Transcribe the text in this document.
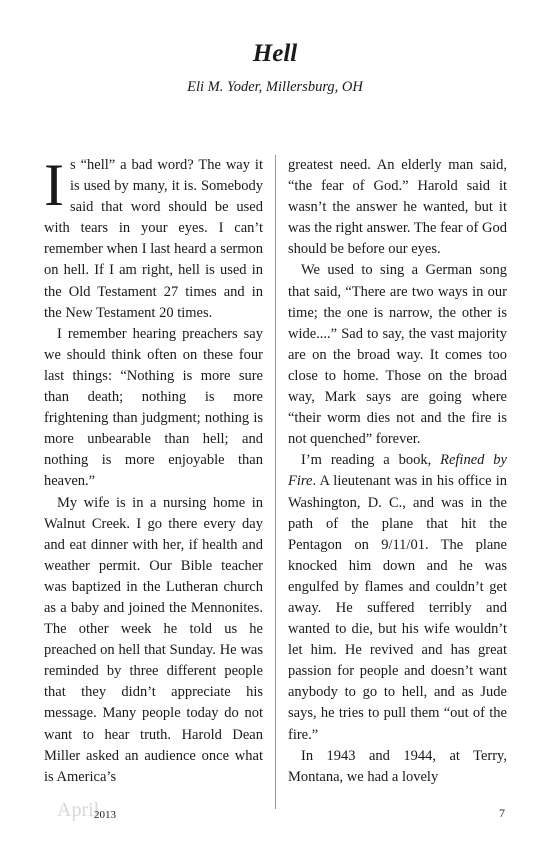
Hell
Eli M. Yoder, Millersburg, OH

Is “hell” a bad word? The way it is used by many, it is. Somebody said that word should be used with tears in your eyes. I can’t remember when I last heard a sermon on hell. If I am right, hell is used in the Old Testament 27 times and in the New Testament 20 times.

I remember hearing preachers say we should think often on these four last things: “Nothing is more sure than death; nothing is more frightening than judgment; nothing is more unbearable than hell; and nothing is more enjoyable than heaven.”

My wife is in a nursing home in Walnut Creek. I go there every day and eat dinner with her, if health and weather permit. Our Bible teacher was baptized in the Lutheran church as a baby and joined the Mennonites. The other week he told us he preached on hell that Sunday. He was reminded by three different people that they didn’t appreciate his message. Many people today do not want to hear truth. Harold Dean Miller asked an audience once what is America’s

greatest need. An elderly man said, “the fear of God.” Harold said it wasn’t the answer he wanted, but it was the right answer. The fear of God should be before our eyes.

We used to sing a German song that said, “There are two ways in our time; the one is narrow, the other is wide....” Sad to say, the vast majority are on the broad way. It comes too close to home. Those on the broad way, Mark says are going where “their worm dies not and the fire is not quenched” forever.

I’m reading a book, Refined by Fire. A lieutenant was in his office in Washington, D. C., and was in the path of the plane that hit the Pentagon on 9/11/01. The plane knocked him down and he was engulfed by flames and couldn’t get away. He suffered terribly and wanted to die, but his wife wouldn’t let him. He revived and has great passion for people and doesn’t want anybody to go to hell, and as Jude says, he tries to pull them “out of the fire.”

In 1943 and 1944, at Terry, Montana, we had a lovely

April
2013	7
